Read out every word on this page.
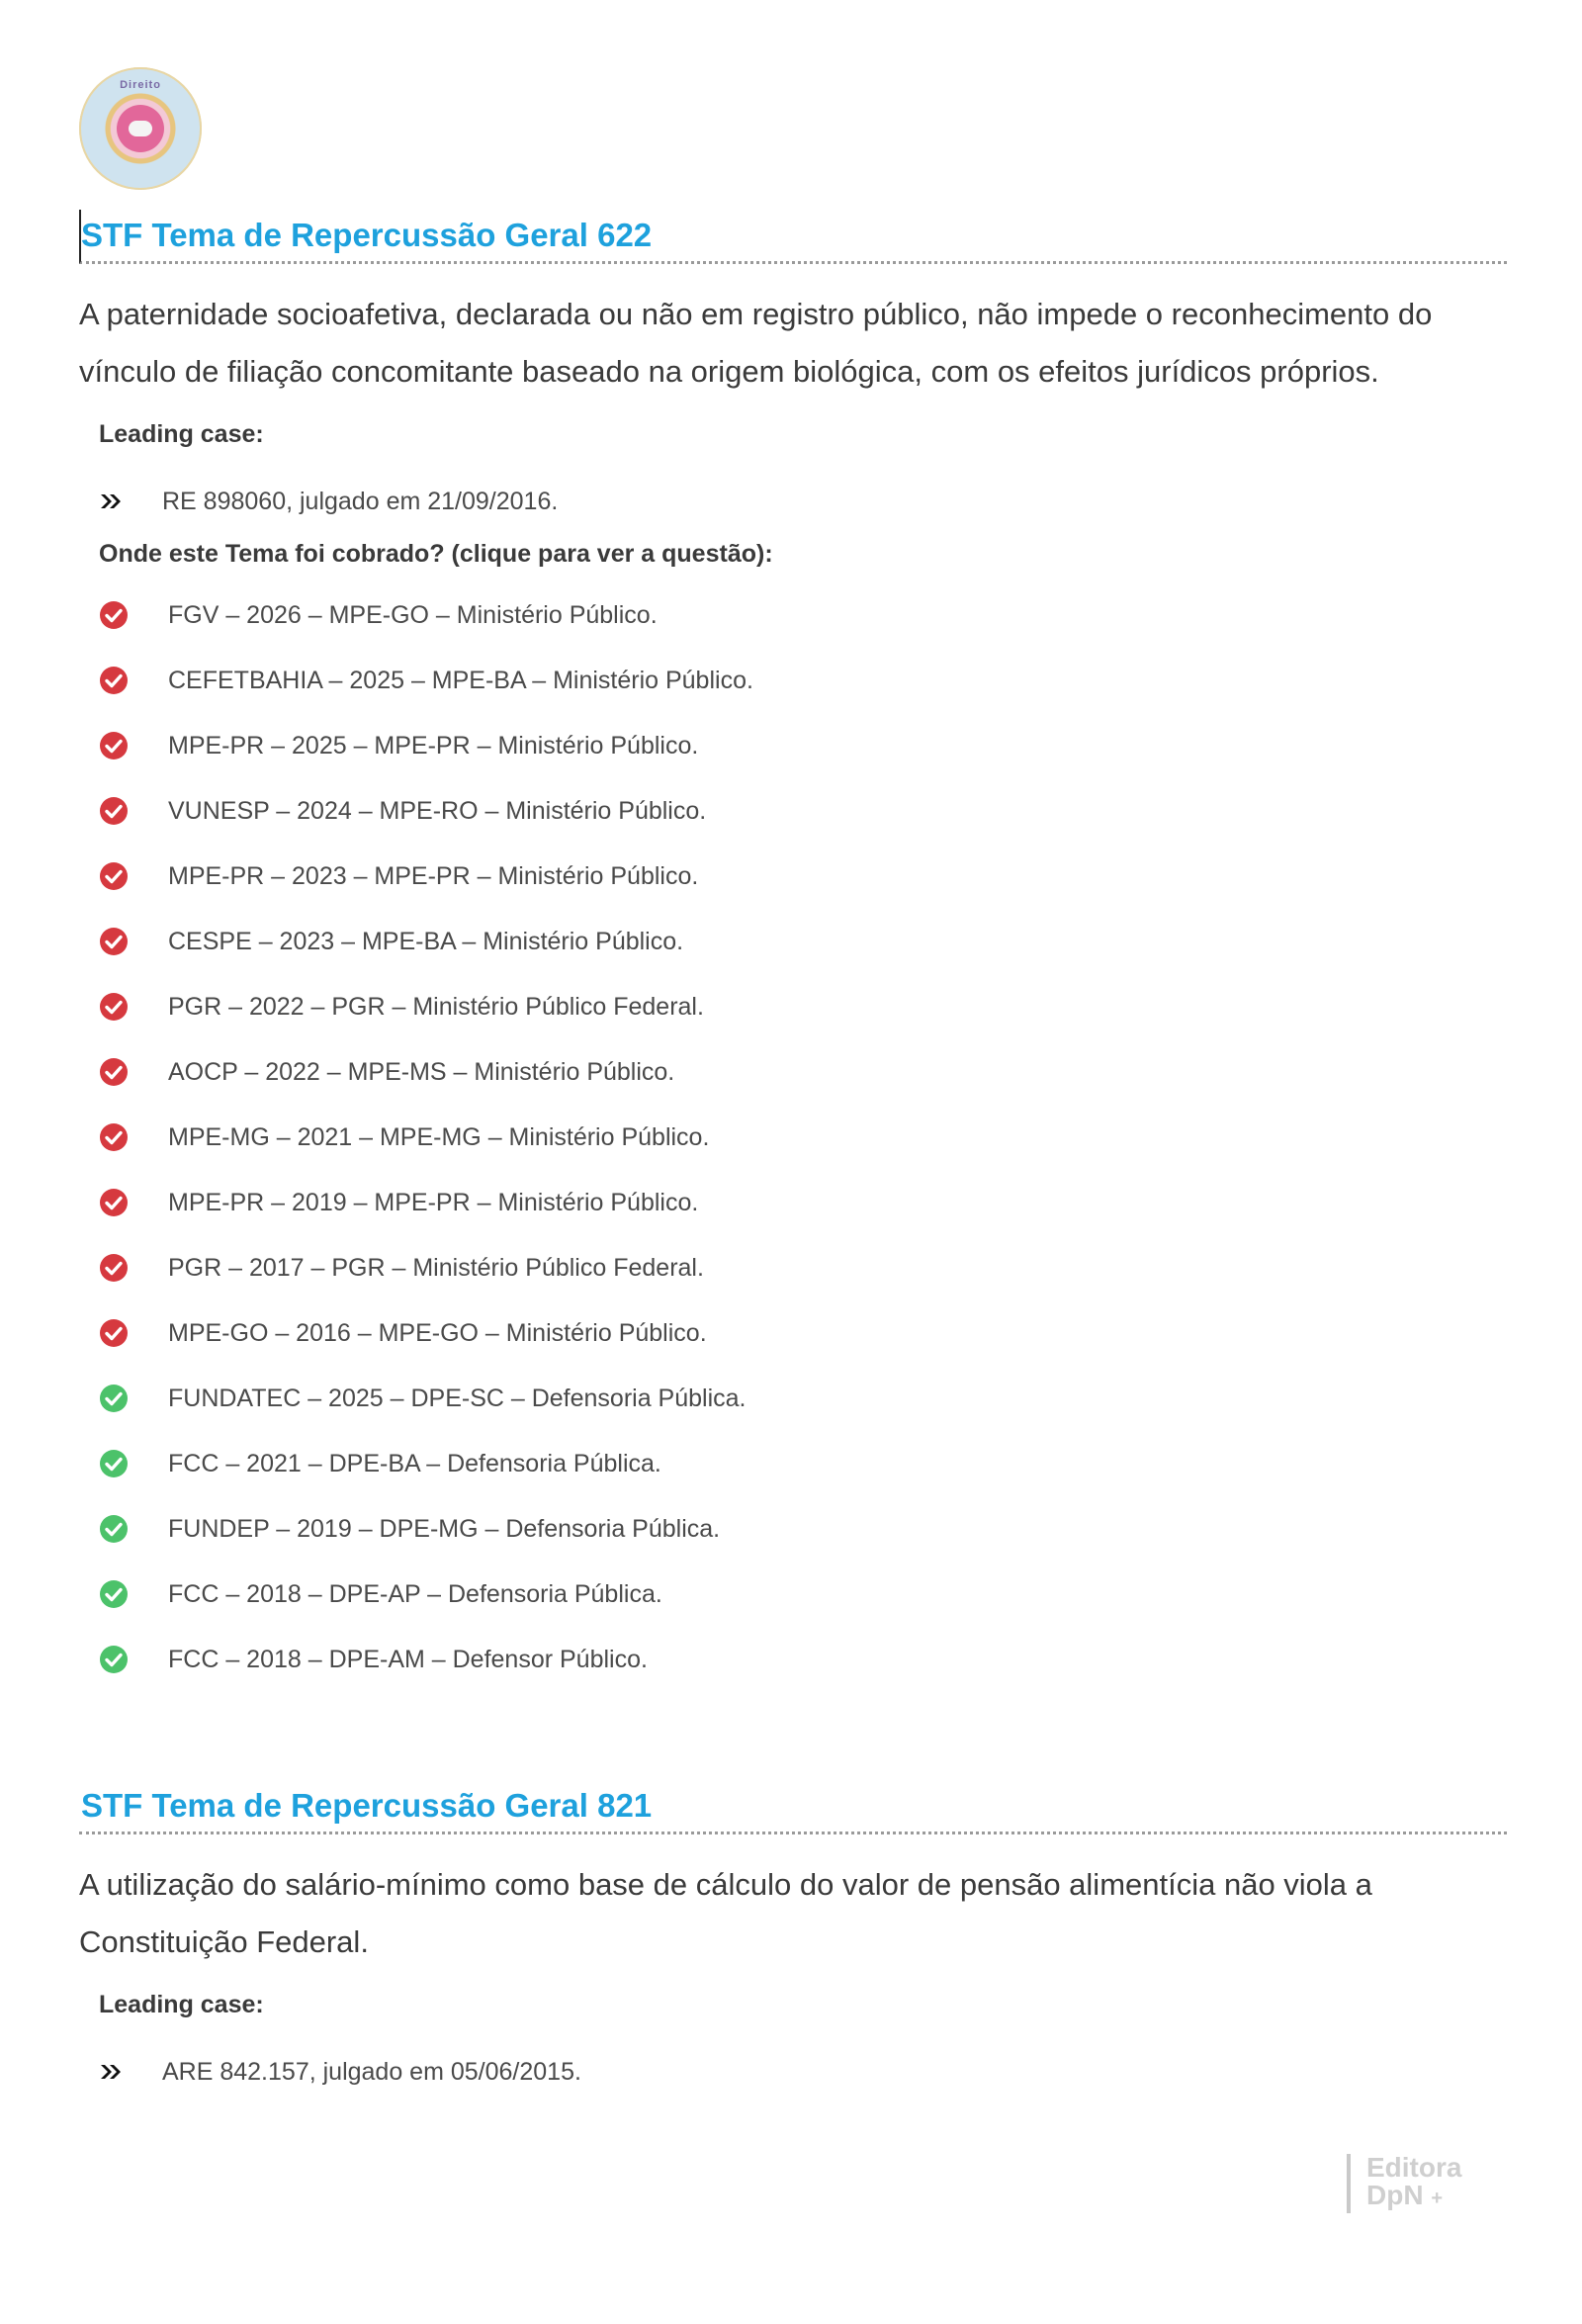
Direito
STF Tema de Repercussão Geral 622
A paternidade socioafetiva, declarada ou não em registro público, não impede o reconhecimento do vínculo de filiação concomitante baseado na origem biológica, com os efeitos jurídicos próprios.
Leading case:
RE 898060, julgado em 21/09/2016.
Onde este Tema foi cobrado? (clique para ver a questão):
FGV – 2026 – MPE-GO – Ministério Público.
CEFETBAHIA – 2025 – MPE-BA – Ministério Público.
MPE-PR – 2025 – MPE-PR – Ministério Público.
VUNESP – 2024 – MPE-RO – Ministério Público.
MPE-PR – 2023 – MPE-PR – Ministério Público.
CESPE – 2023 – MPE-BA – Ministério Público.
PGR – 2022 – PGR – Ministério Público Federal.
AOCP – 2022 – MPE-MS – Ministério Público.
MPE-MG – 2021 – MPE-MG – Ministério Público.
MPE-PR – 2019 – MPE-PR – Ministério Público.
PGR – 2017 – PGR – Ministério Público Federal.
MPE-GO – 2016 – MPE-GO – Ministério Público.
FUNDATEC – 2025 – DPE-SC – Defensoria Pública.
FCC – 2021 – DPE-BA – Defensoria Pública.
FUNDEP – 2019 – DPE-MG – Defensoria Pública.
FCC – 2018 – DPE-AP – Defensoria Pública.
FCC – 2018 – DPE-AM – Defensor Público.
STF Tema de Repercussão Geral 821
A utilização do salário-mínimo como base de cálculo do valor de pensão alimentícia não viola a Constituição Federal.
Leading case:
ARE 842.157, julgado em 05/06/2015.
Editora
DpN +
